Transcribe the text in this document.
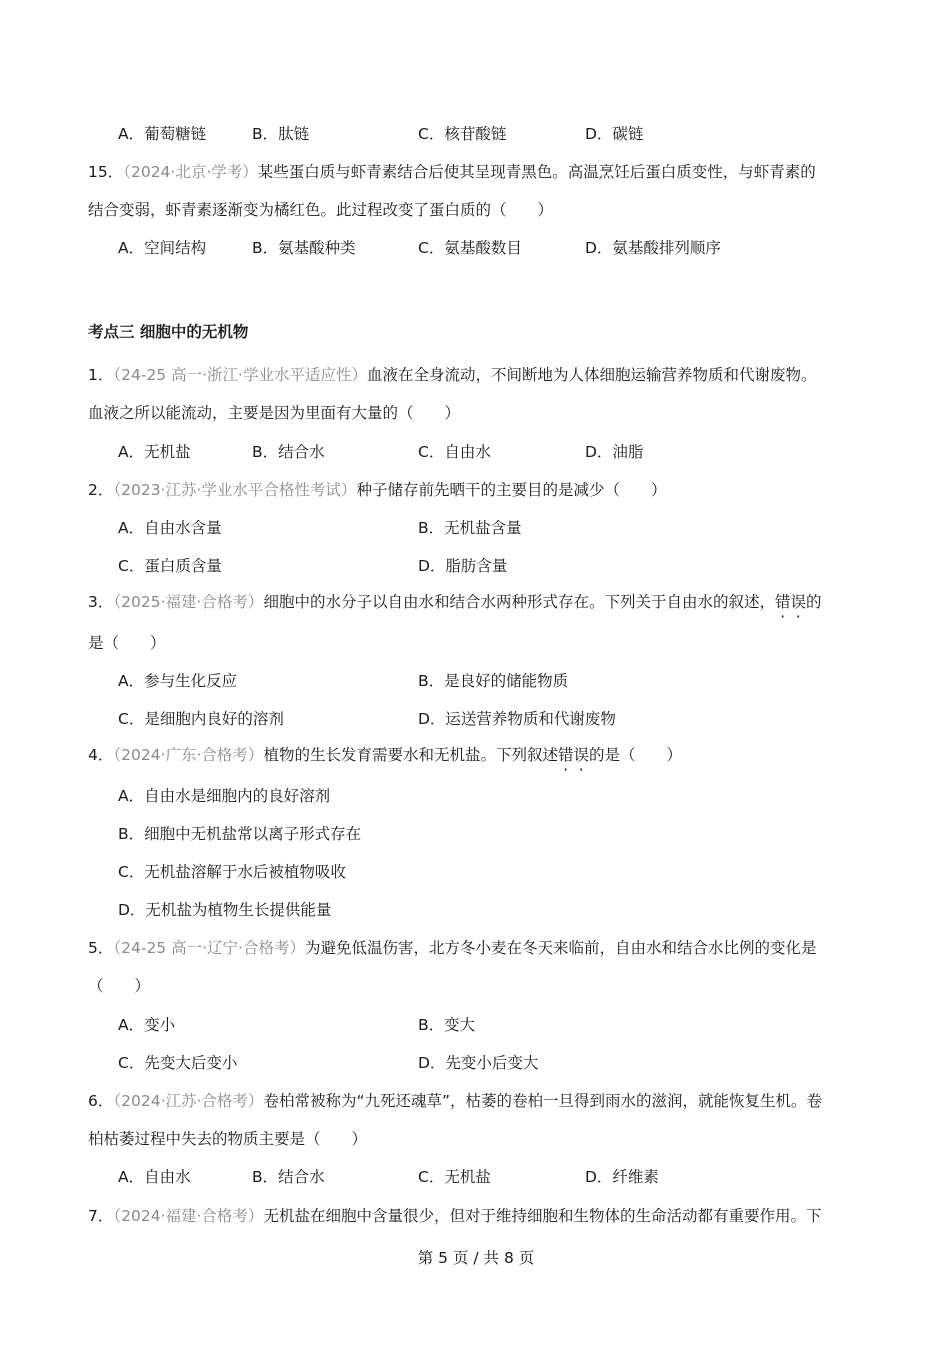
A．葡萄糖链	B．肽链	C．核苷酸链	D．碳链
15．（2024·北京·学考）某些蛋白质与虾青素结合后使其呈现青黑色。高温烹饪后蛋白质变性，与虾青素的
结合变弱，虾青素逐渐变为橘红色。此过程改变了蛋白质的（　　）
A．空间结构	B．氨基酸种类	C．氨基酸数目	D．氨基酸排列顺序
考点三 细胞中的无机物
1．（24-25 高一·浙江·学业水平适应性）血液在全身流动，不间断地为人体细胞运输营养物质和代谢废物。
血液之所以能流动，主要是因为里面有大量的（　　）
A．无机盐	B．结合水	C．自由水	D．油脂
2．（2023·江苏·学业水平合格性考试）种子储存前先晒干的主要目的是减少（　　）
A．自由水含量	B．无机盐含量
C．蛋白质含量	D．脂肪含量
3．（2025·福建·合格考）细胞中的水分子以自由水和结合水两种形式存在。下列关于自由水的叙述，错误的
是（　　）
A．参与生化反应	B．是良好的储能物质
C．是细胞内良好的溶剂	D．运送营养物质和代谢废物
4．（2024·广东·合格考）植物的生长发育需要水和无机盐。下列叙述错误的是（　　）
A．自由水是细胞内的良好溶剂
B．细胞中无机盐常以离子形式存在
C．无机盐溶解于水后被植物吸收
D．无机盐为植物生长提供能量
5．（24-25 高一·辽宁·合格考）为避免低温伤害，北方冬小麦在冬天来临前，自由水和结合水比例的变化是
（　　）
A．变小	B．变大
C．先变大后变小	D．先变小后变大
6．（2024·江苏·合格考）卷柏常被称为“九死还魂草”，枯萎的卷柏一旦得到雨水的滋润，就能恢复生机。卷
柏枯萎过程中失去的物质主要是（　　）
A．自由水	B．结合水	C．无机盐	D．纤维素
7．（2024·福建·合格考）无机盐在细胞中含量很少，但对于维持细胞和生物体的生命活动都有重要作用。下
第 5 页 / 共 8 页
